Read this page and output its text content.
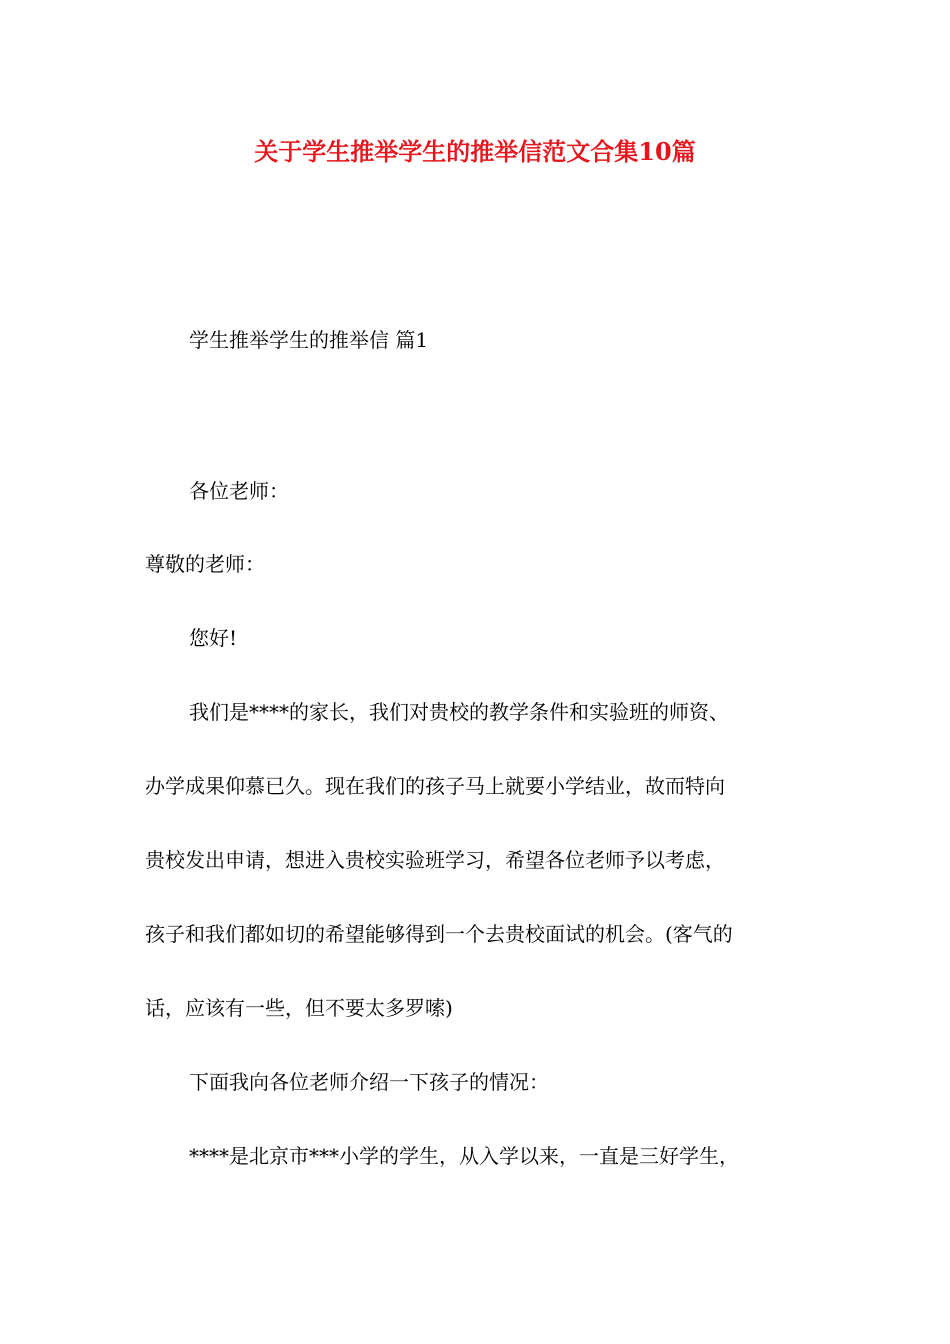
关于学生推举学生的推举信范文合集10篇

学生推举学生的推举信 篇1

各位老师：

尊敬的老师：

您好!

我们是****的家长，我们对贵校的教学条件和实验班的师资、

办学成果仰慕已久。现在我们的孩子马上就要小学结业，故而特向

贵校发出申请，想进入贵校实验班学习，希望各位老师予以考虑，

孩子和我们都如切的希望能够得到一个去贵校面试的机会。(客气的

话，应该有一些，但不要太多罗嗦)

下面我向各位老师介绍一下孩子的情况：

****是北京市***小学的学生，从入学以来，一直是三好学生，
